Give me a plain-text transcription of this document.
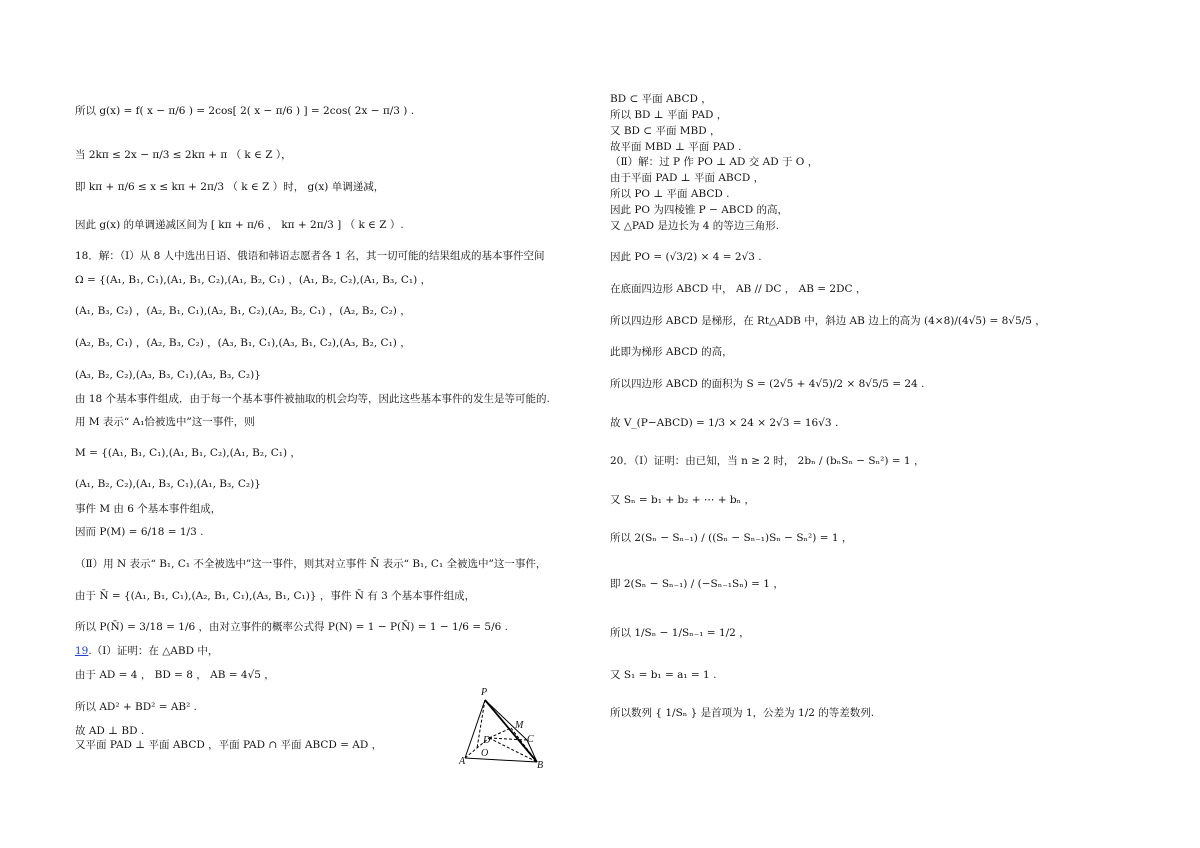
所以 g(x) = f( x − π/6 ) = 2cos[ 2( x − π/6 ) ] = 2cos( 2x − π/3 ) .
当 2kπ ≤ 2x − π/3 ≤ 2kπ + π （ k ∈ Z ），
即 kπ + π/6 ≤ x ≤ kπ + 2π/3 （ k ∈ Z ）时， g(x) 单调递减，
因此 g(x) 的单调递减区间为 [ kπ + π/6 ， kπ + 2π/3 ] （ k ∈ Z ）.
18．解：（Ⅰ）从 8 人中选出日语、俄语和韩语志愿者各 1 名，其一切可能的结果组成的基本事件空间
Ω = {(A₁, B₁, C₁),(A₁, B₁, C₂),(A₁, B₂, C₁) ，(A₁, B₂, C₂),(A₁, B₃, C₁) ，
(A₁, B₃, C₂) ，(A₂, B₁, C₁),(A₂, B₁, C₂),(A₂, B₂, C₁) ，(A₂, B₂, C₂) ，
(A₂, B₃, C₁) ，(A₂, B₃, C₂) ，(A₃, B₁, C₁),(A₃, B₁, C₂),(A₃, B₂, C₁) ，
(A₃, B₂, C₂),(A₃, B₃, C₁),(A₃, B₃, C₂)}
由 18 个基本事件组成．由于每一个基本事件被抽取的机会均等，因此这些基本事件的发生是等可能的.
用 M 表示“ A₁恰被选中”这一事件，则
M = {(A₁, B₁, C₁),(A₁, B₁, C₂),(A₁, B₂, C₁) ，
(A₁, B₂, C₂),(A₁, B₃, C₁),(A₁, B₃, C₂)}
事件 M 由 6 个基本事件组成，
因而 P(M) = 6/18 = 1/3 .
（Ⅱ）用 N 表示“ B₁, C₁ 不全被选中”这一事件，则其对立事件 N̄ 表示“ B₁, C₁ 全被选中”这一事件，
由于 N̄ = {(A₁, B₁, C₁),(A₂, B₁, C₁),(A₃, B₁, C₁)} ，事件 N̄ 有 3 个基本事件组成，
所以 P(N̄) = 3/18 = 1/6 ，由对立事件的概率公式得 P(N) = 1 − P(N̄) = 1 − 1/6 = 5/6 .
19.（Ⅰ）证明：在 △ABD 中，
由于 AD = 4 ， BD = 8 ， AB = 4√5 ，
所以 AD² + BD² = AB² .
故 AD ⊥ BD .
又平面 PAD ⊥ 平面 ABCD ，平面 PAD ∩ 平面 ABCD = AD ，
P
M
D	C
O
A	B
BD ⊂ 平面 ABCD ，
所以 BD ⊥ 平面 PAD ，
又 BD ⊂ 平面 MBD ，
故平面 MBD ⊥ 平面 PAD .
（Ⅱ）解：过 P 作 PO ⊥ AD 交 AD 于 O ，
由于平面 PAD ⊥ 平面 ABCD ，
所以 PO ⊥ 平面 ABCD .
因此 PO 为四棱锥 P − ABCD 的高，
又 △PAD 是边长为 4 的等边三角形.
因此 PO = (√3/2) × 4 = 2√3 .
在底面四边形 ABCD 中， AB // DC ， AB = 2DC ，
所以四边形 ABCD 是梯形，在 Rt△ADB 中，斜边 AB 边上的高为 (4×8)/(4√5) = 8√5/5 ，
此即为梯形 ABCD 的高，
所以四边形 ABCD 的面积为 S = (2√5 + 4√5)/2 × 8√5/5 = 24 .
故 V_(P−ABCD) = 1/3 × 24 × 2√3 = 16√3 .
20．（Ⅰ）证明：由已知，当 n ≥ 2 时， 2bₙ / (bₙSₙ − Sₙ²) = 1 ，
又 Sₙ = b₁ + b₂ + ⋯ + bₙ ，
所以 2(Sₙ − Sₙ₋₁) / ((Sₙ − Sₙ₋₁)Sₙ − Sₙ²) = 1 ，
即 2(Sₙ − Sₙ₋₁) / (−Sₙ₋₁Sₙ) = 1 ，
所以 1/Sₙ − 1/Sₙ₋₁ = 1/2 ，
又 S₁ = b₁ = a₁ = 1 .
所以数列 { 1/Sₙ } 是首项为 1，公差为 1/2 的等差数列.
